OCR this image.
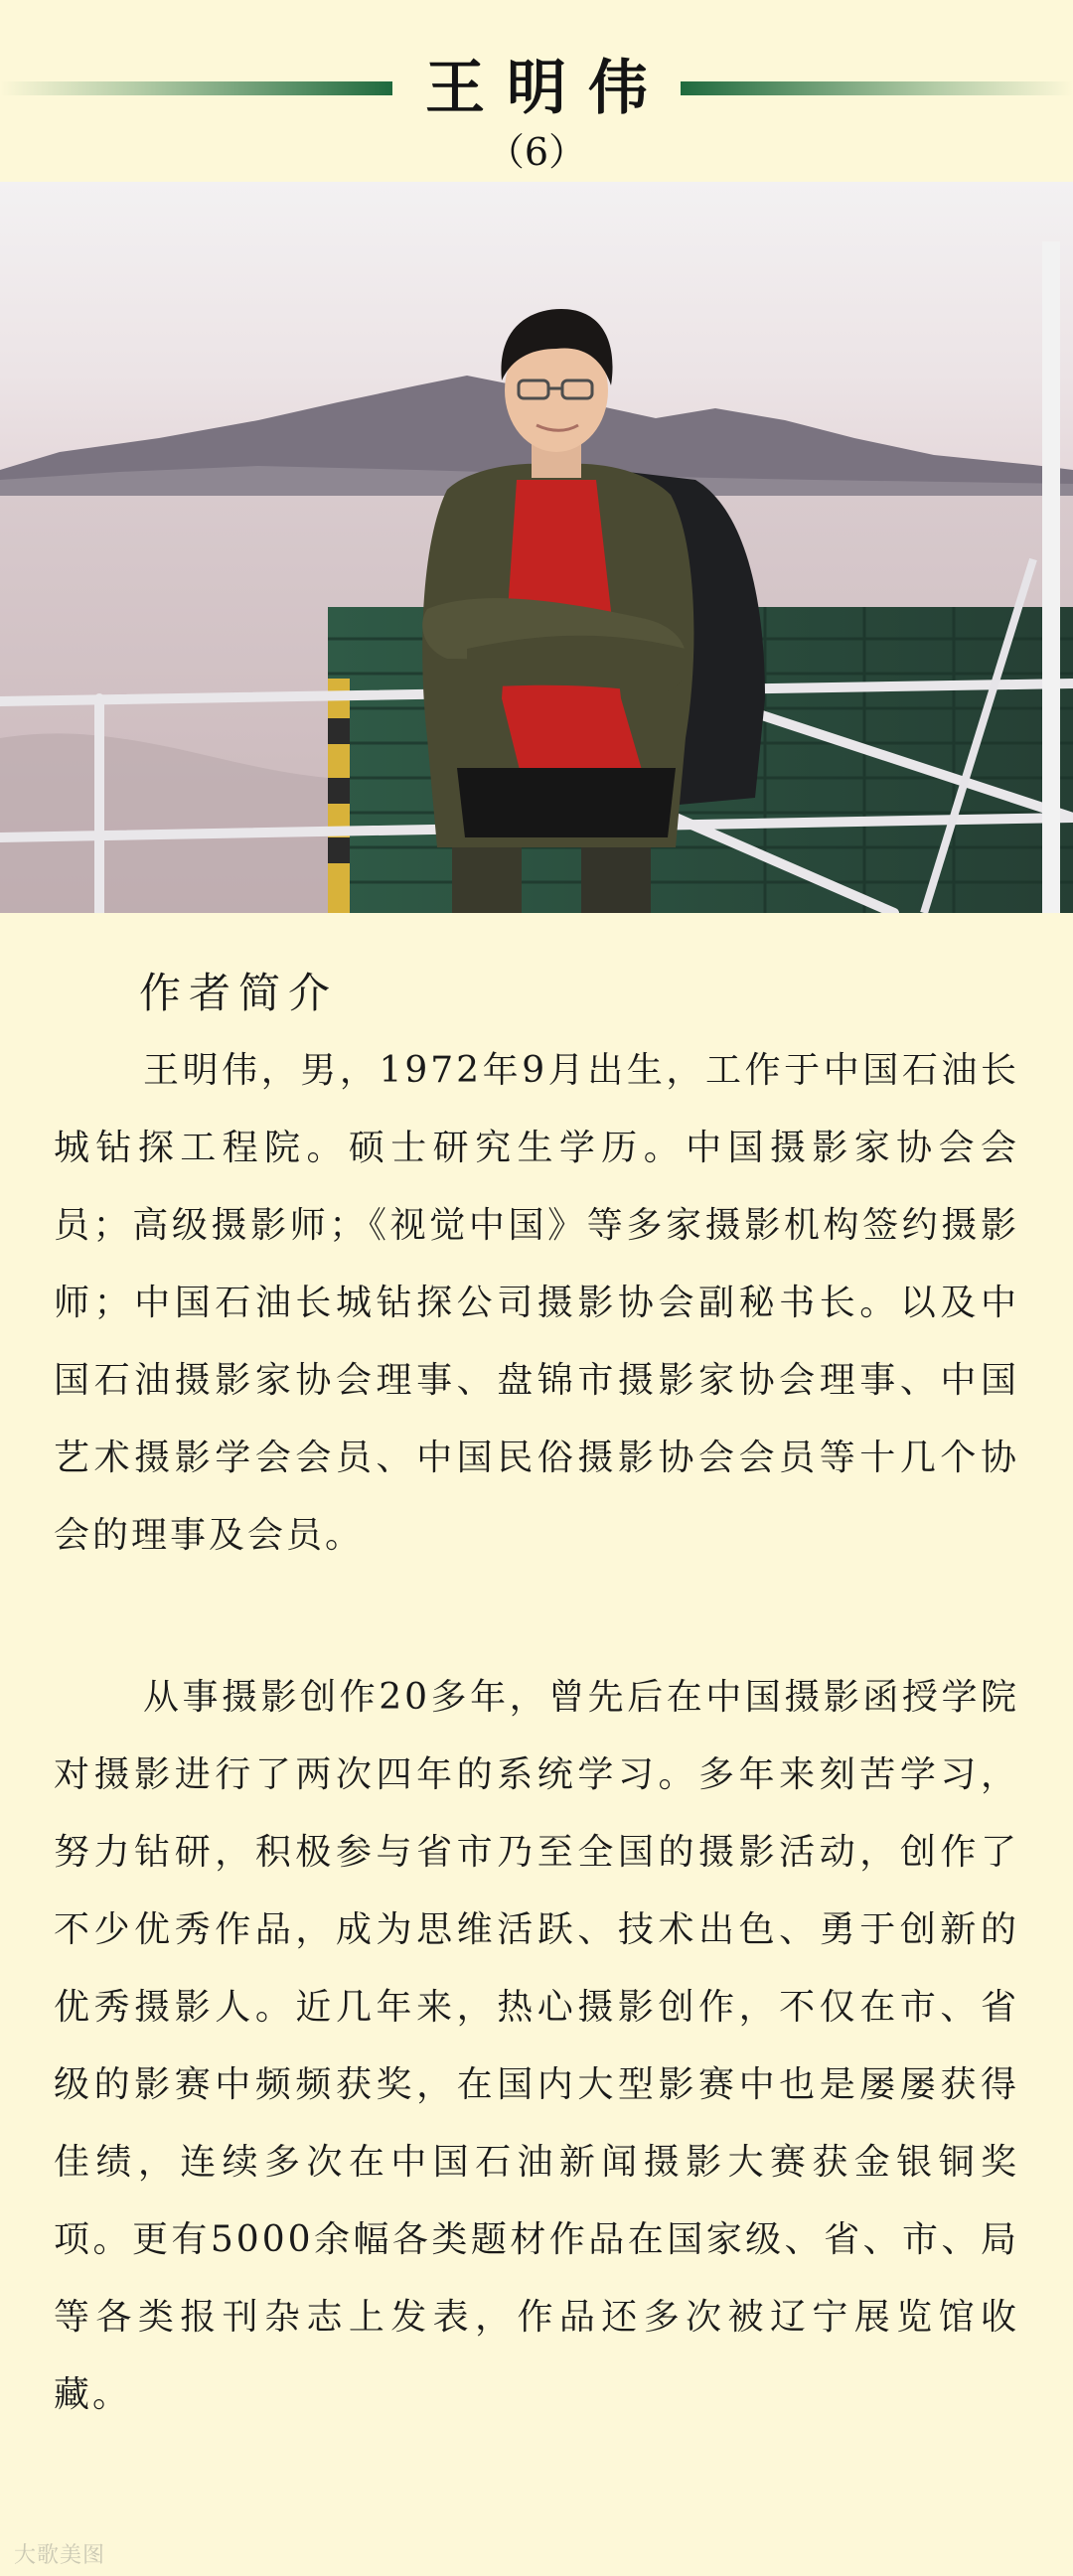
王明伟
（6）
作者简介
王明伟，男，1972年9月出生，工作于中国石油长城钻探工程院。硕士研究生学历。中国摄影家协会会员；高级摄影师；《视觉中国》等多家摄影机构签约摄影师；中国石油长城钻探公司摄影协会副秘书长。以及中国石油摄影家协会理事、盘锦市摄影家协会理事、中国艺术摄影学会会员、中国民俗摄影协会会员等十几个协会的理事及会员。
从事摄影创作20多年，曾先后在中国摄影函授学院对摄影进行了两次四年的系统学习。多年来刻苦学习，努力钻研，积极参与省市乃至全国的摄影活动，创作了不少优秀作品，成为思维活跃、技术出色、勇于创新的优秀摄影人。近几年来，热心摄影创作，不仅在市、省级的影赛中频频获奖，在国内大型影赛中也是屡屡获得佳绩，连续多次在中国石油新闻摄影大赛获金银铜奖项。更有5000余幅各类题材作品在国家级、省、市、局等各类报刊杂志上发表，作品还多次被辽宁展览馆收藏。
大歌美图
